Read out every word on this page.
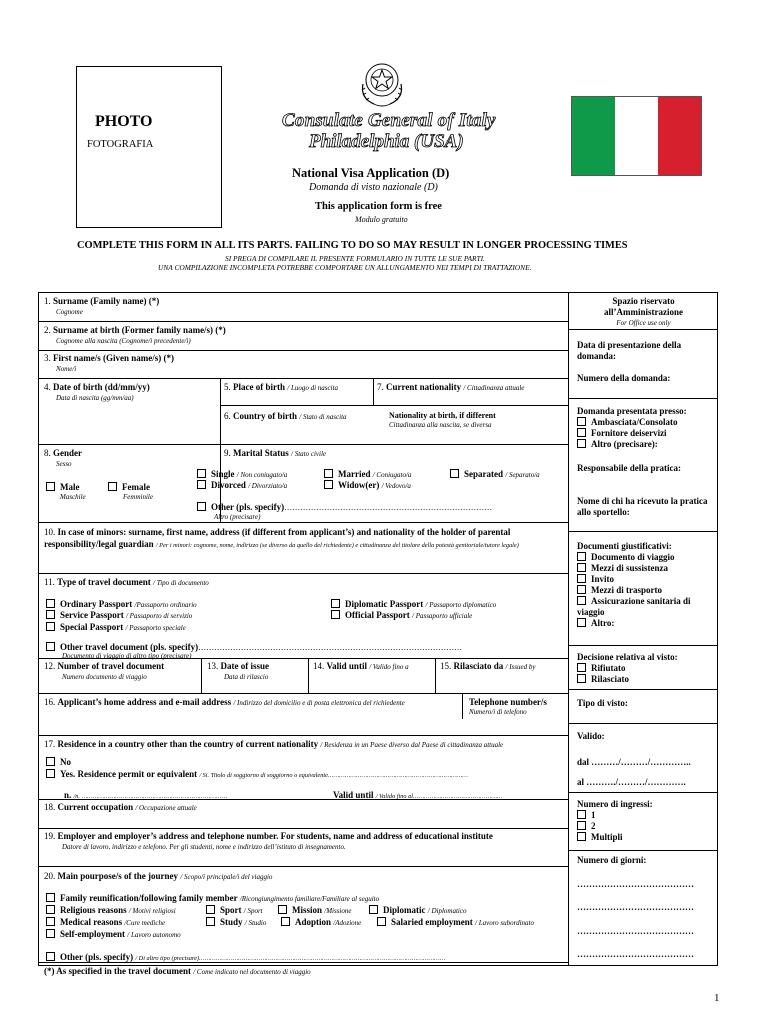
PHOTO
FOTOGRAFIA
Consulate General of Italy
Philadelphia (USA)
National Visa Application (D)
Domanda di visto nazionale (D)
This application form is free
Modulo gratuito
COMPLETE THIS FORM IN ALL ITS PARTS. FAILING TO DO SO MAY RESULT IN LONGER PROCESSING TIMES
SI PREGA DI COMPILARE IL PRESENTE FORMULARIO IN TUTTE LE SUE PARTI.
UNA COMPILAZIONE INCOMPLETA POTREBBE COMPORTARE UN ALLUNGAMENTO NEI TEMPI DI TRATTAZIONE.
1. Surname (Family name) (*)
Cognome
2. Surname at birth (Former family name/s) (*)
Cognome alla nascita (Cognome/i precedente/i)
3. First name/s (Given name/s) (*)
Nome/i
4. Date of birth (dd/mm/yy)
Data di nascita (gg/mm/aa)
5. Place of birth / Luogo di nascita	7. Current nationality / Cittadinanza attuale
6. Country of birth / Stato di nascita	Nationality at birth, if different
Cittadinanza alla nascita, se diversa
8. Gender
Sesso
Male
Maschile
Female
Femminile
9. Marital Status / Stato civile
Single / Non coniugato/a	Married / Coniugato/a	Separated / Separato/a
Divorced / Divorziato/a	Widow(er) / Vedovo/a
Other (pls. specify)……………………………………………………………………
Altro (precisare)
10. In case of minors: surname, first name, address (if different from applicant’s) and nationality of the holder of parental responsibility/legal guardian / Per i minori: cognome, nome, indirizzo (se diverso da quello del richiedente) e cittadinanza del titolare della potestà genitoriale/tutore legale)
11. Type of travel document / Tipo di documento
Ordinary Passport /Passaporto ordinario
Service Passport / Passaporto di servizio
Special Passport / Passaporto speciale
Diplomatic Passport / Passaporto diplomatico
Official Passport / Passaporto ufficiale
Other travel document (pls. specify)………………………………………………………………………………………
Documento di viaggio di altro tipo (precisare)
12. Number of travel document
Numero documento di viaggio
13. Date of issue
Data di rilascio
14. Valid until / Valido fino a	15. Rilasciato da / Issued by
16. Applicant’s home address and e-mail address / Indirizzo del domicilio e di posta elettronica del richiedente	Telephone number/s
Numero/i di telefono
17. Residence in a country other than the country of current nationality / Residenza in un Paese diverso dal Paese di cittadinanza attuale
No
Yes. Residence permit or equivalent / Si. Titolo di soggiorno di soggiorno o equivalente…………………………………………………………………
n. /n. ……………………………………………………………………	Valid until / Valido fino al…………………………………………
18. Current occupation / Occupazione attuale
19. Employer and employer’s address and telephone number. For students, name and address of educational institute
Datore di lavoro, indirizzo e telefono. Per gli studenti, nome e indirizzo dell’istituto di insegnamento.
20. Main pourpose/s of the journey / Scopo/i principale/i del viaggio
Family reunification/following family member /Ricongiungimento familiare/Familiare al seguito
Religious reasons / Motivi religiosi	Sport / Sport	Mission /Missione	Diplomatic / Diplomatico
Medical reasons /Cure mediche	Study / Studio	Adoption /Adozione	Salaried employment / Lavoro subordinato
Self-employment / Lavoro autonomo
Other (pls. specify) / Di altro tipo (precisare)……………………………………………………………………………………………………………………
(*) As specified in the travel document / Come indicato nel documento di viaggio
Spazio riservato
all’Amministrazione
For Office use only
Data di presentazione della domanda:
Numero della domanda:
Domanda presentata presso:
Ambasciata/Consolato
Fornitore deiservizi
Altro (precisare):
Responsabile della pratica:
Nome di chi ha ricevuto la pratica allo sportello:
Documenti giustificativi:
Documento di viaggio
Mezzi di sussistenza
Invito
Mezzi di trasporto
Assicurazione sanitaria di viaggio
Altro:
Decisione relativa al visto:
Rifiutato
Rilasciato
Tipo di visto:
Valido:
dal ………/………/…………..
al ………./………/………….
Numero di ingressi:
1
2
Multipli
Numero di giorni:
…………………………………
…………………………………
…………………………………
…………………………………
1
